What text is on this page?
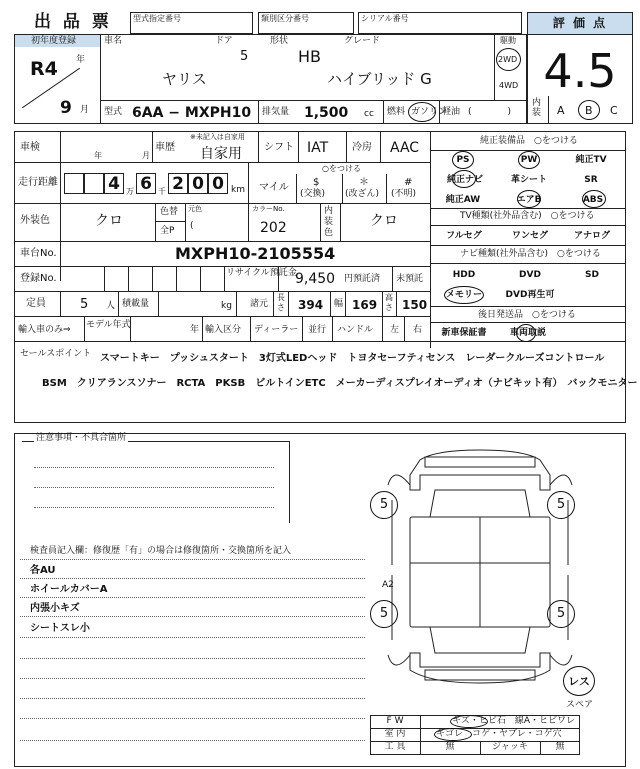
出 品 票	型式指定番号	類別区分番号	シリアル番号	評 価 点
4.5
内
装 A B C
初年度登録
R4 年
9 月
車名
ヤリス
ドア
5
形状
HB
グレード
ハイブリッド G
駆動
2WD
4WD
型式 6AA − MXPH10 排気量 1,500 cc 燃料 ガソリン
軽油 (　　　　)
車検
年	月
車歴
※未記入は自家用
自家用 シフト IAT 冷房 AAC
走行距離	4 万 6 千 2 0 0 km
○をつける
マイル $
(交換)
＊
(改ざん)
#
(不明)
外装色	クロ
色替
全P
元色
(
カラーNo.
202
内
装
色
クロ
車台No.	MXPH10-2105554
登録No.	リサイクル預託金
9,450 円預託済 未預託
定員	5 人 積載量	kg 諸元
長
さ 394 幅 169
高
さ 150
輸入車のみ⇒ モデル年式	年 輸入区分 ディーラー 並行 ハンドル 左 右
純正装備品　○をつける
PS	PW	純正TV
純正ナビ	革シート	SR
純正AW	エアB	ABS
TV種類(社外品含む)　○をつける
フルセグ	ワンセグ	アナログ
ナビ種類(社外品含む)　○をつける
HDD	DVD	SD
メモリー	DVD再生可
後日発送品　○をつける
新車保証書	車両取説
セールスポイント スマートキー　プッシュスタート　3灯式LEDヘッド　トヨタセーフティセンス　レーダークルーズコントロール
BSM　クリアランスソナー　RCTA　PKSB　ビルトインETC　メーカーディスプレイオーディオ（ナビキット有）　バックモニター
注意事項・不具合箇所
検査員記入欄：修復歴「有」の場合は修復箇所・交換箇所を記入
各AU
ホイールカバーA
内張小キズ
シートスレ小
5	5
5	5
A2
レス
スペア
F W	キズ・ヒビ石　線A・ヒビワレ
室 内	キゴレ　コゲ・ヤブレ・コゲ穴
工 具	無	ジャッキ	無
